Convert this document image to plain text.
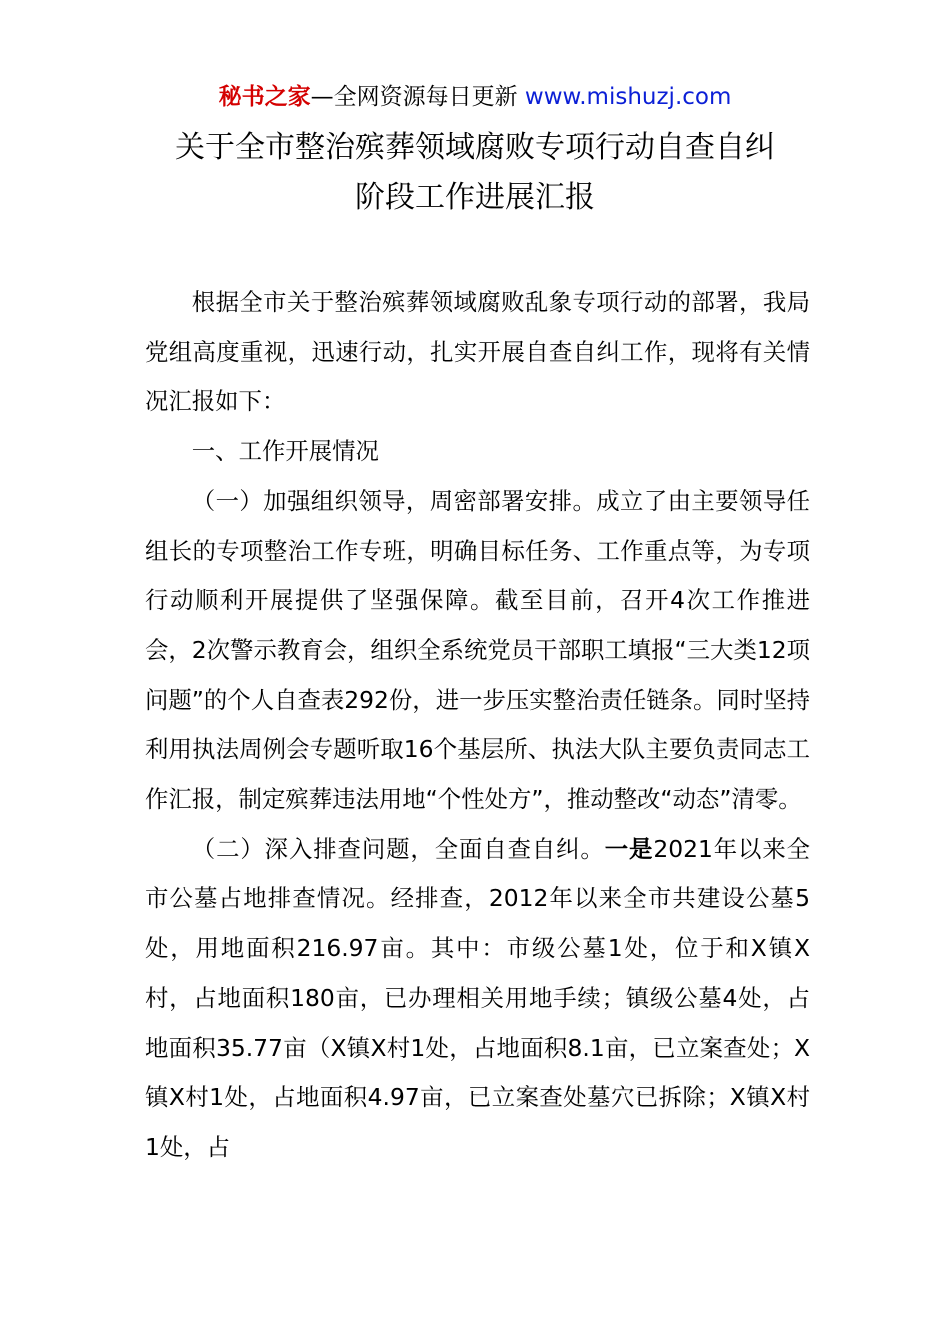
秘书之家—全网资源每日更新 www.mishuzj.com
关于全市整治殡葬领域腐败专项行动自查自纠
阶段工作进展汇报

根据全市关于整治殡葬领域腐败乱象专项行动的部署，我局党组高度重视，迅速行动，扎实开展自查自纠工作，现将有关情况汇报如下：

一、工作开展情况

（一）加强组织领导，周密部署安排。成立了由主要领导任组长的专项整治工作专班，明确目标任务、工作重点等，为专项行动顺利开展提供了坚强保障。截至目前，召开4次工作推进会，2次警示教育会，组织全系统党员干部职工填报“三大类12项问题”的个人自查表292份，进一步压实整治责任链条。同时坚持利用执法周例会专题听取16个基层所、执法大队主要负责同志工作汇报，制定殡葬违法用地“个性处方”，推动整改“动态”清零。

（二）深入排查问题，全面自查自纠。一是2021年以来全市公墓占地排查情况。经排查，2012年以来全市共建设公墓5处，用地面积216.97亩。其中：市级公墓1处，位于和X镇X村，占地面积180亩，已办理相关用地手续；镇级公墓4处，占地面积35.77亩（X镇X村1处，占地面积8.1亩，已立案查处；X镇X村1处，占地面积4.97亩，已立案查处墓穴已拆除；X镇X村1处，占
